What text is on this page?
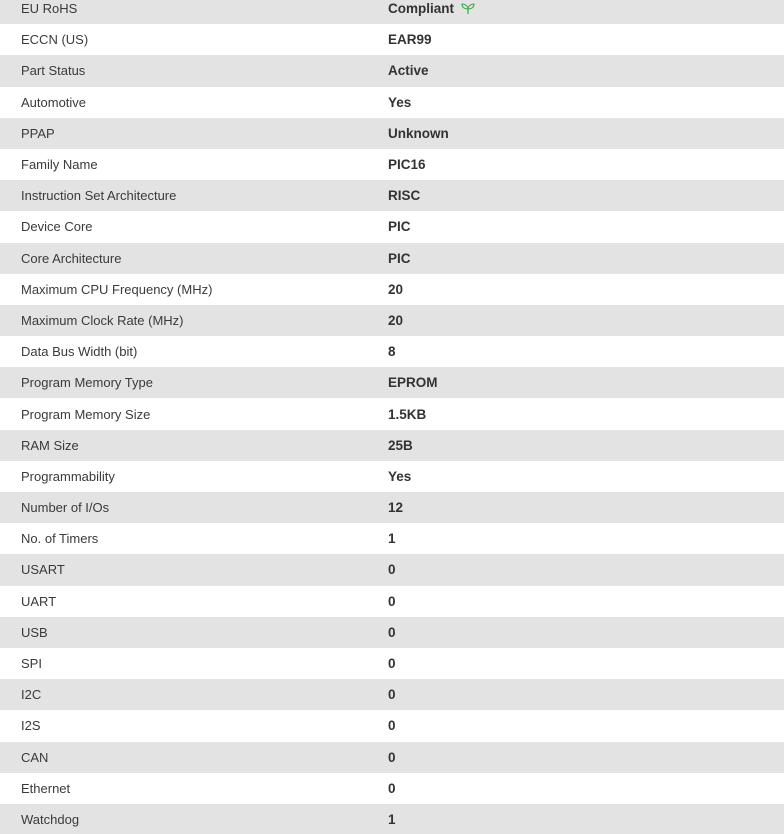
EU RoHS	Compliant
ECCN (US)	EAR99
Part Status	Active
Automotive	Yes
PPAP	Unknown
Family Name	PIC16
Instruction Set Architecture	RISC
Device Core	PIC
Core Architecture	PIC
Maximum CPU Frequency (MHz)	20
Maximum Clock Rate (MHz)	20
Data Bus Width (bit)	8
Program Memory Type	EPROM
Program Memory Size	1.5KB
RAM Size	25B
Programmability	Yes
Number of I/Os	12
No. of Timers	1
USART	0
UART	0
USB	0
SPI	0
I2C	0
I2S	0
CAN	0
Ethernet	0
Watchdog	1
